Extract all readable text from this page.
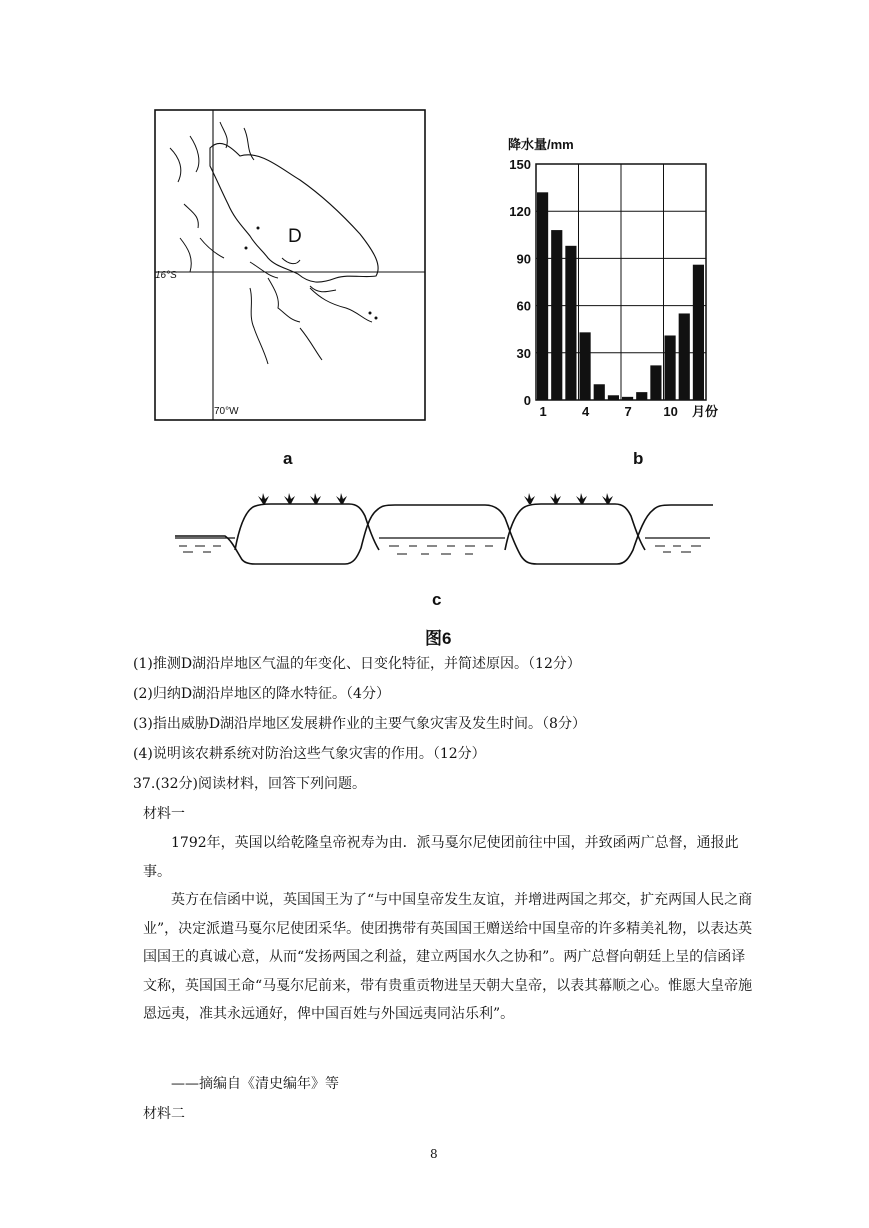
D
16°S
70°W
a
降水量/mm
0
30
60
90
120
150
1	4	7 10 月份
b
c
图6
(1)推测D湖沿岸地区气温的年变化、日变化特征，并简述原因。（12分）
(2)归纳D湖沿岸地区的降水特征。（4分）
(3)指出威胁D湖沿岸地区发展耕作业的主要气象灾害及发生时间。（8分）
(4)说明该农耕系统对防治这些气象灾害的作用。（12分）
37.(32分)阅读材料，回答下列问题。
材料一
1792年，英国以给乾隆皇帝祝寿为由．派马戛尔尼使团前往中国，并致函两广总督，通报此事。
英方在信函中说，英国国王为了“与中国皇帝发生友谊，并增进两国之邦交，扩充两国人民之商业”，决定派遣马戛尔尼使团采华。使团携带有英国国王赠送给中国皇帝的许多精美礼物，以表达英国国王的真诚心意，从而“发扬两国之利益，建立两国水久之协和”。两广总督向朝廷上呈的信函译文称，英国国王命“马戛尔尼前来，带有贵重贡物进呈天朝大皇帝，以表其幕顺之心。惟愿大皇帝施恩远夷，准其永远通好，俾中国百姓与外国远夷同沾乐利”。
——摘编自《清史编年》等
材料二
8
